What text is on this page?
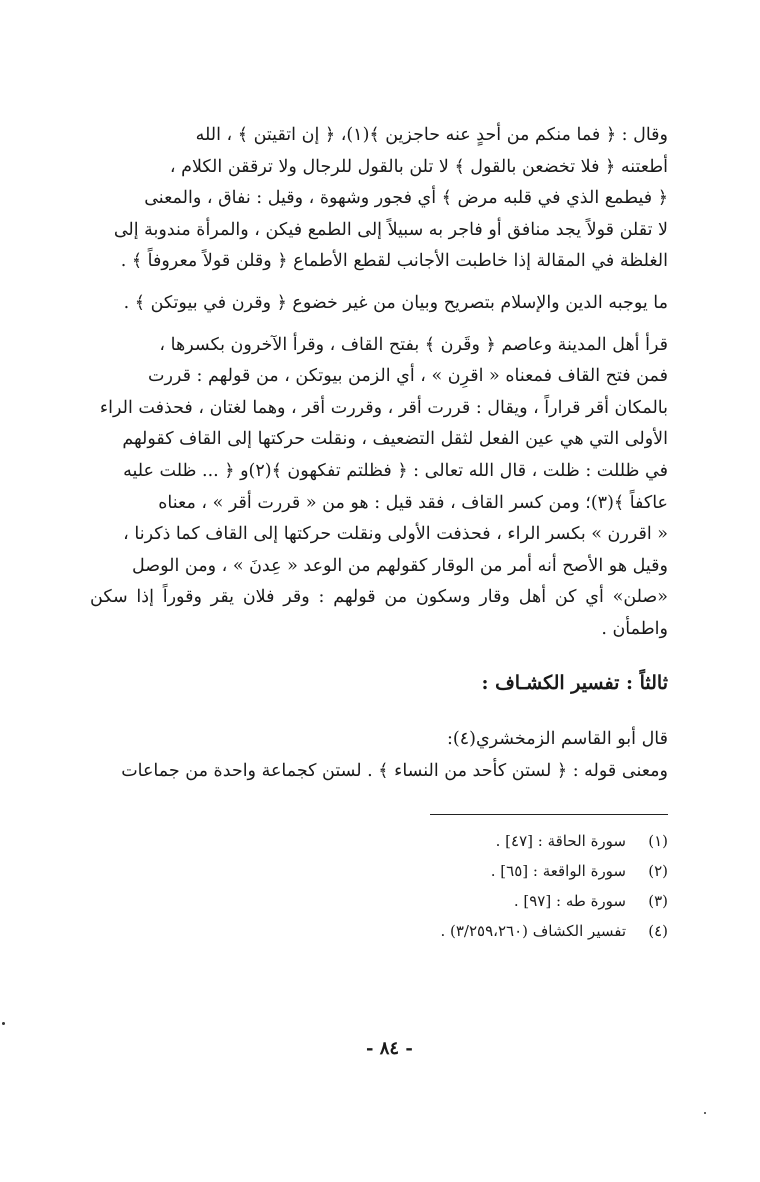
وقال : ﴿ فما منكم من أحدٍ عنه حاجزين ﴾(١)، ﴿ إن اتقيتن ﴾ ، الله
أطعتنه ﴿ فلا تخضعن بالقول ﴾ لا تلن بالقول للرجال ولا ترققن الكلام ،
﴿ فيطمع الذي في قلبه مرض ﴾ أي فجور وشهوة ، وقيل : نفاق ، والمعنى
لا تقلن قولاً يجد منافق أو فاجر به سبيلاً إلى الطمع فيكن ، والمرأة مندوبة إلى
الغلظة في المقالة إذا خاطبت الأجانب لقطع الأطماع ﴿ وقلن قولاً معروفاً ﴾ .

ما يوجبه الدين والإسلام بتصريح وبيان من غير خضوع ﴿ وقرن في بيوتكن ﴾ .

قرأ أهل المدينة وعاصم ﴿ وقَرن ﴾ بفتح القاف ، وقرأ الآخرون بكسرها ،
فمن فتح القاف فمعناه « اقرِن » ، أي الزمن بيوتكن ، من قولهم : قررت
بالمكان أقر قراراً ، ويقال : قررت أقر ، وقررت أقر ، وهما لغتان ، فحذفت الراء
الأولى التي هي عين الفعل لثقل التضعيف ، ونقلت حركتها إلى القاف كقولهم
في ظللت : ظلت ، قال الله تعالى : ﴿ فظلتم تفكهون ﴾(٢)و ﴿ ... ظلت عليه
عاكفاً ﴾(٣)؛ ومن كسر القاف ، فقد قيل : هو من « قررت أقر » ، معناه
« اقررن » بكسر الراء ، فحذفت الأولى ونقلت حركتها إلى القاف كما ذكرنا ،
وقيل هو الأصح أنه أمر من الوقار كقولهم من الوعد « عِدنَ » ، ومن الوصل
«صلن» أي كن أهل وقار وسكون من قولهم : وقر فلان يقر وقوراً إذا سكن واطمأن .

ثالثاً : تفسير الكشـاف :

قال أبو القاسم الزمخشري(٤):
ومعنى قوله : ﴿ لستن كأحد من النساء ﴾ . لستن كجماعة واحدة من جماعات

(١)سورة الحاقة : [٤٧] .
(٢)سورة الواقعة : [٦٥] .
(٣)سورة طه : [٩٧] .
(٤)تفسير الكشاف (٣/٢٥٩،٢٦٠) .
- ٨٤ -
